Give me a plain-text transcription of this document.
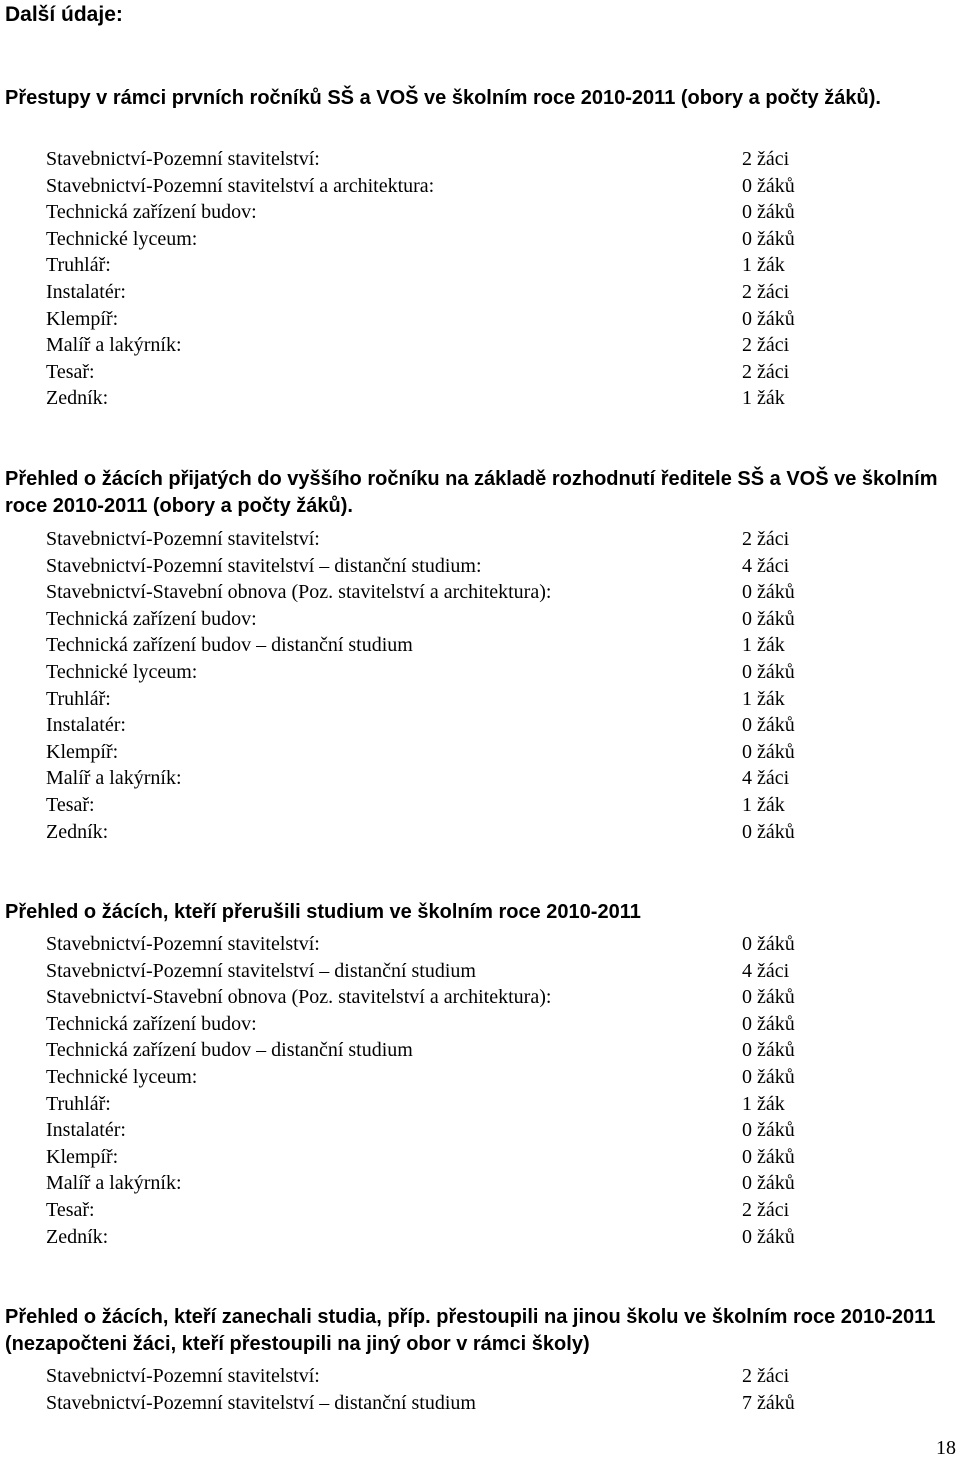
Další údaje:
Přestupy v rámci prvních ročníků SŠ a VOŠ ve školním roce 2010-2011 (obory a počty žáků).
Stavebnictví-Pozemní stavitelství:	2 žáci
Stavebnictví-Pozemní stavitelství a architektura:	0 žáků
Technická zařízení budov:	0 žáků
Technické lyceum:	0 žáků
Truhlář:	1 žák
Instalatér:	2 žáci
Klempíř:	0 žáků
Malíř a lakýrník:	2 žáci
Tesař:	2 žáci
Zedník:	1 žák
Přehled o žácích přijatých do vyššího ročníku na základě rozhodnutí ředitele SŠ a VOŠ ve školním roce 2010-2011 (obory a počty žáků).
Stavebnictví-Pozemní stavitelství:	2 žáci
Stavebnictví-Pozemní stavitelství – distanční studium:	4 žáci
Stavebnictví-Stavební obnova (Poz. stavitelství a architektura):	0 žáků
Technická zařízení budov:	0 žáků
Technická zařízení budov – distanční studium	1 žák
Technické lyceum:	0 žáků
Truhlář:	1 žák
Instalatér:	0 žáků
Klempíř:	0 žáků
Malíř a lakýrník:	4 žáci
Tesař:	1 žák
Zedník:	0 žáků
Přehled o žácích, kteří přerušili studium ve školním roce 2010-2011
Stavebnictví-Pozemní stavitelství:	0 žáků
Stavebnictví-Pozemní stavitelství – distanční studium	4 žáci
Stavebnictví-Stavební obnova (Poz. stavitelství a architektura):	0 žáků
Technická zařízení budov:	0 žáků
Technická zařízení budov – distanční studium	0 žáků
Technické lyceum:	0 žáků
Truhlář:	1 žák
Instalatér:	0 žáků
Klempíř:	0 žáků
Malíř a lakýrník:	0 žáků
Tesař:	2 žáci
Zedník:	0 žáků
Přehled o žácích, kteří zanechali studia, příp. přestoupili na jinou školu ve školním roce 2010-2011 (nezapočteni žáci, kteří přestoupili na jiný obor v rámci školy)
Stavebnictví-Pozemní stavitelství:	2 žáci
Stavebnictví-Pozemní stavitelství – distanční studium	7 žáků
18
